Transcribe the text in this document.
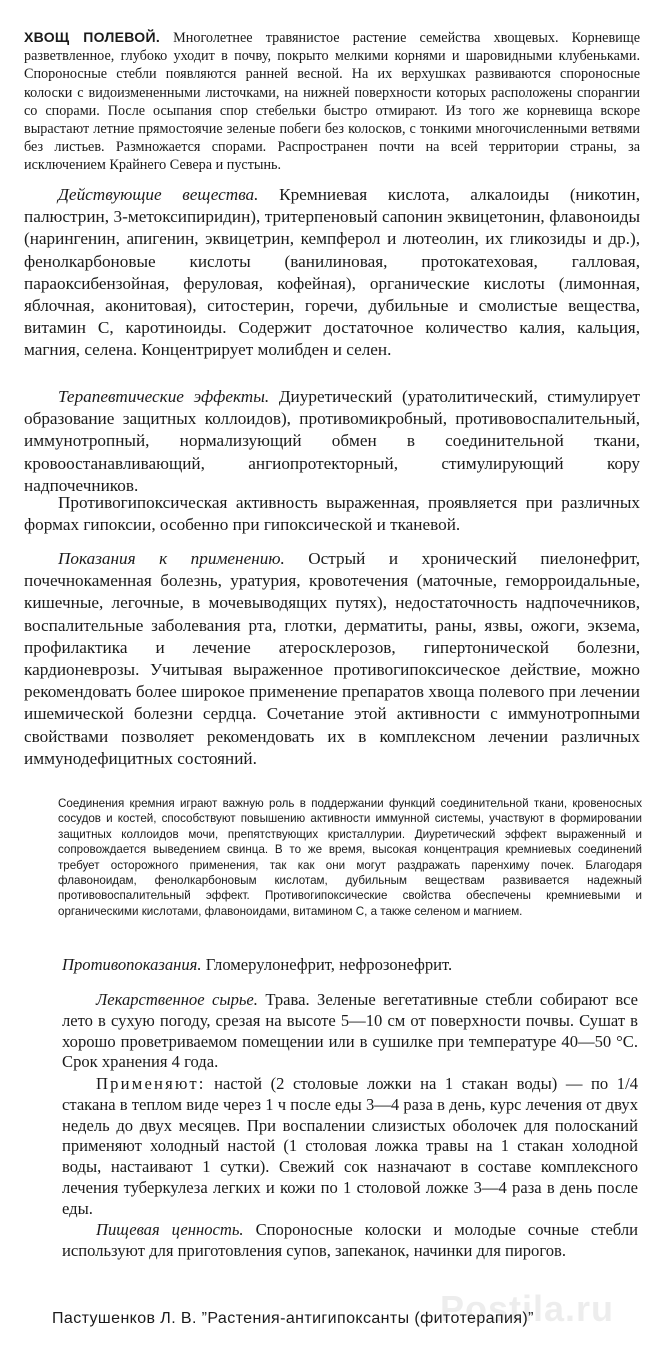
ХВОЩ ПОЛЕВОЙ. Многолетнее травянистое растение семейства хвощевых. Корневище разветвленное, глубоко уходит в почву, покрыто мелкими корнями и шаровидными клубеньками. Спороносные стебли появляются ранней весной. На их верхушках развиваются спороносные колоски с видоизмененными листочками, на нижней поверхности которых расположены спорангии со спорами. После осыпания спор стебельки быстро отмирают. Из того же корневища вскоре вырастают летние прямостоячие зеленые побеги без колосков, с тонкими многочисленными ветвями без листьев. Размножается спорами. Распространен почти на всей территории страны, за исключением Крайнего Севера и пустынь.

Действующие вещества. Кремниевая кислота, алкалоиды (никотин, палюстрин, 3-метоксипиридин), тритерпеновый сапонин эквицетонин, флавоноиды (нарингенин, апигенин, эквицетрин, кемпферол и лютеолин, их гликозиды и др.), фенолкарбоновые кислоты (ванилиновая, протокатеховая, галловая, параоксибензойная, феруловая, кофейная), органические кислоты (лимонная, яблочная, аконитовая), ситостерин, горечи, дубильные и смолистые вещества, витамин С, каротиноиды. Содержит достаточное количество калия, кальция, магния, селена. Концентрирует молибден и селен.

Терапевтические эффекты. Диуретический (уратолитический, стимулирует образование защитных коллоидов), противомикробный, противовоспалительный, иммунотропный, нормализующий обмен в соединительной ткани, кровоостанавливающий, ангиопротекторный, стимулирующий кору надпочечников.

Противогипоксическая активность выраженная, проявляется при различных формах гипоксии, особенно при гипоксической и тканевой.

Показания к применению. Острый и хронический пиелонефрит, почечнокаменная болезнь, уратурия, кровотечения (маточные, геморроидальные, кишечные, легочные, в мочевыводящих путях), недостаточность надпочечников, воспалительные заболевания рта, глотки, дерматиты, раны, язвы, ожоги, экзема, профилактика и лечение атеросклерозов, гипертонической болезни, кардионеврозы. Учитывая выраженное противогипоксическое действие, можно рекомендовать более широкое применение препаратов хвоща полевого при лечении ишемической болезни сердца. Сочетание этой активности с иммунотропными свойствами позволяет рекомендовать их в комплексном лечении различных иммунодефицитных состояний.

Соединения кремния играют важную роль в поддержании функций соединительной ткани, кровеносных сосудов и костей, способствуют повышению активности иммунной системы, участвуют в формировании защитных коллоидов мочи, препятствующих кристаллурии. Диуретический эффект выраженный и сопровождается выведением свинца. В то же время, высокая концентрация кремниевых соединений требует осторожного применения, так как они могут раздражать паренхиму почек. Благодаря флавоноидам, фенолкарбоновым кислотам, дубильным веществам развивается надежный противовоспалительный эффект. Противогипоксические свойства обеспечены кремниевыми и органическими кислотами, флавоноидами, витамином С, а также селеном и магнием.

Противопоказания. Гломерулонефрит, нефрозонефрит.

Лекарственное сырье. Трава. Зеленые вегетативные стебли собирают все лето в сухую погоду, срезая на высоте 5—10 см от поверхности почвы. Сушат в хорошо проветриваемом помещении или в сушилке при температуре 40—50 °С. Срок хранения 4 года.

Применяют: настой (2 столовые ложки на 1 стакан воды) — по 1/4 стакана в теплом виде через 1 ч после еды 3—4 раза в день, курс лечения от двух недель до двух месяцев. При воспалении слизистых оболочек для полосканий применяют холодный настой (1 столовая ложка травы на 1 стакан холодной воды, настаивают 1 сутки). Свежий сок назначают в составе комплексного лечения туберкулеза легких и кожи по 1 столовой ложке 3—4 раза в день после еды.

Пищевая ценность. Спороносные колоски и молодые сочные стебли используют для приготовления супов, запеканок, начинки для пирогов.

Postila.ru

Пастушенков Л. В. ”Растения-антигипоксанты (фитотерапия)”
